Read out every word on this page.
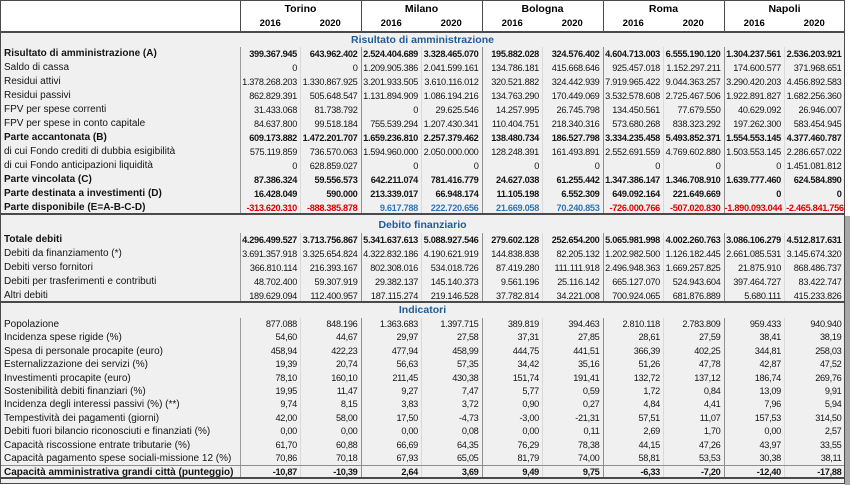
Torino	Milano	Bologna	Roma	Napoli
2016	2020	2016	2020	2016	2020	2016	2020	2016	2020
Risultato di amministrazione
Risultato di amministrazione (A)	399.367.945	643.962.402 2.524.404.689 3.328.465.070	195.882.028	324.576.402 4.604.713.003 6.555.190.120 1.304.237.561 2.536.203.921
Saldo di cassa	0	0 1.209.905.386 2.041.599.161	134.786.181	415.668.646	925.457.018 1.152.297.211	174.600.577	371.968.651
Residui attivi	1.378.268.203 1.330.867.925 3.201.933.505 3.610.116.012	320.521.882	324.442.939 7.919.965.422 9.044.363.257 3.290.420.203 4.456.892.583
Residui passivi	862.829.391	505.648.547 1.131.894.909 1.086.194.216	134.763.290	170.449.069 3.532.578.608 2.725.467.506 1.922.891.827 1.682.256.360
FPV per spese correnti	31.433.068	81.738.792	0	29.625.546	14.257.995	26.745.798	134.450.561	77.679.550	40.629.092	26.946.007
FPV per spese in conto capitale	84.637.800	99.518.184	755.539.294 1.207.430.341	110.404.751	218.340.316	573.680.268	838.323.292	197.262.300	583.454.945
Parte accantonata (B)	609.173.882 1.472.201.707 1.659.236.810 2.257.379.462	138.480.734	186.527.798 3.334.235.458 5.493.852.371 1.554.553.145 4.377.460.787
di cui Fondo crediti di dubbia esigibilità	575.119.859	736.570.063 1.594.960.000 2.050.000.000	128.248.391	161.493.891 2.552.691.559 4.769.602.880 1.503.553.145 2.286.657.022
di cui Fondo anticipazioni liquidità	0	628.859.027	0	0	0	0	0	0	0 1.451.081.812
Parte vincolata (C)	87.386.324	59.556.573	642.211.074	781.416.779	24.627.038	61.255.442 1.347.386.147 1.346.708.910 1.639.777.460	624.584.890
Parte destinata a investimenti (D)	16.428.049	590.000	213.339.017	66.948.174	11.105.198	6.552.309	649.092.164	221.649.669	0	0
Parte disponibile (E=A-B-C-D)	-313.620.310	-888.385.878	9.617.788	222.720.656	21.669.058	70.240.853	-726.000.766	-507.020.830 -1.890.093.044 -2.465.841.756
Debito finanziario
Totale debiti	4.296.499.527 3.713.756.867 5.341.637.613 5.088.927.546	279.602.128	252.654.200 5.065.981.998 4.002.260.763 3.086.106.279 4.512.817.631
Debiti da finanziamento (*)	3.691.357.918 3.325.654.824 4.322.832.186 4.190.621.919	144.838.838	82.205.132 1.202.982.500 1.126.182.445 2.661.085.531 3.145.674.320
Debiti verso fornitori	366.810.114	216.393.167	802.308.016	534.018.726	87.419.280	111.111.918 2.496.948.363 1.669.257.825	21.875.910	868.486.737
Debiti per trasferimenti e contributi	48.702.400	59.307.919	29.382.137	145.140.373	9.561.196	25.116.142	665.127.070	524.943.604	397.464.727	83.422.747
Altri debiti	189.629.094	112.400.957	187.115.274	219.146.528	37.782.814	34.221.008	700.924.065	681.876.889	5.680.111	415.233.826
Indicatori
Popolazione	877.088	848.196	1.363.683	1.397.715	389.819	394.463	2.810.118	2.783.809	959.433	940.940
Incidenza spese rigide (%)	54,60	44,67	29,97	27,58	37,31	27,85	28,61	27,59	38,41	38,19
Spesa di personale procapite (euro)	458,94	422,23	477,94	458,99	444,75	441,51	366,39	402,25	344,81	258,03
Esternalizzazione dei servizi (%)	19,39	20,74	56,63	57,35	34,42	35,16	51,26	47,78	42,87	47,52
Investimenti procapite (euro)	78,10	160,10	211,45	430,38	151,74	191,41	132,72	137,12	186,74	269,76
Sostenibilità debiti finanziari (%)	19,95	11,47	9,27	7,47	5,77	0,59	1,72	0,84	13,09	9,91
Incidenza degli interessi passivi (%) (**)	9,74	8,15	3,83	3,72	0,90	0,27	4,84	4,41	7,96	5,94
Tempestività dei pagamenti (giorni)	42,00	58,00	17,50	-4,73	-3,00	-21,31	57,51	11,07	157,53	314,50
Debiti fuori bilancio riconosciuti e finanziati (%)	0,00	0,00	0,00	0,08	0,00	0,11	2,69	1,70	0,00	2,57
Capacità riscossione entrate tributarie (%)	61,70	60,88	66,69	64,35	76,29	78,38	44,15	47,26	43,97	33,55
Capacità pagamento spese sociali-missione 12 (%)	70,86	70,18	67,93	65,05	81,79	74,00	58,81	53,53	30,38	38,11
Capacità amministrativa grandi città (punteggio)	-10,87	-10,39	2,64	3,69	9,49	9,75	-6,33	-7,20	-12,40	-17,88
